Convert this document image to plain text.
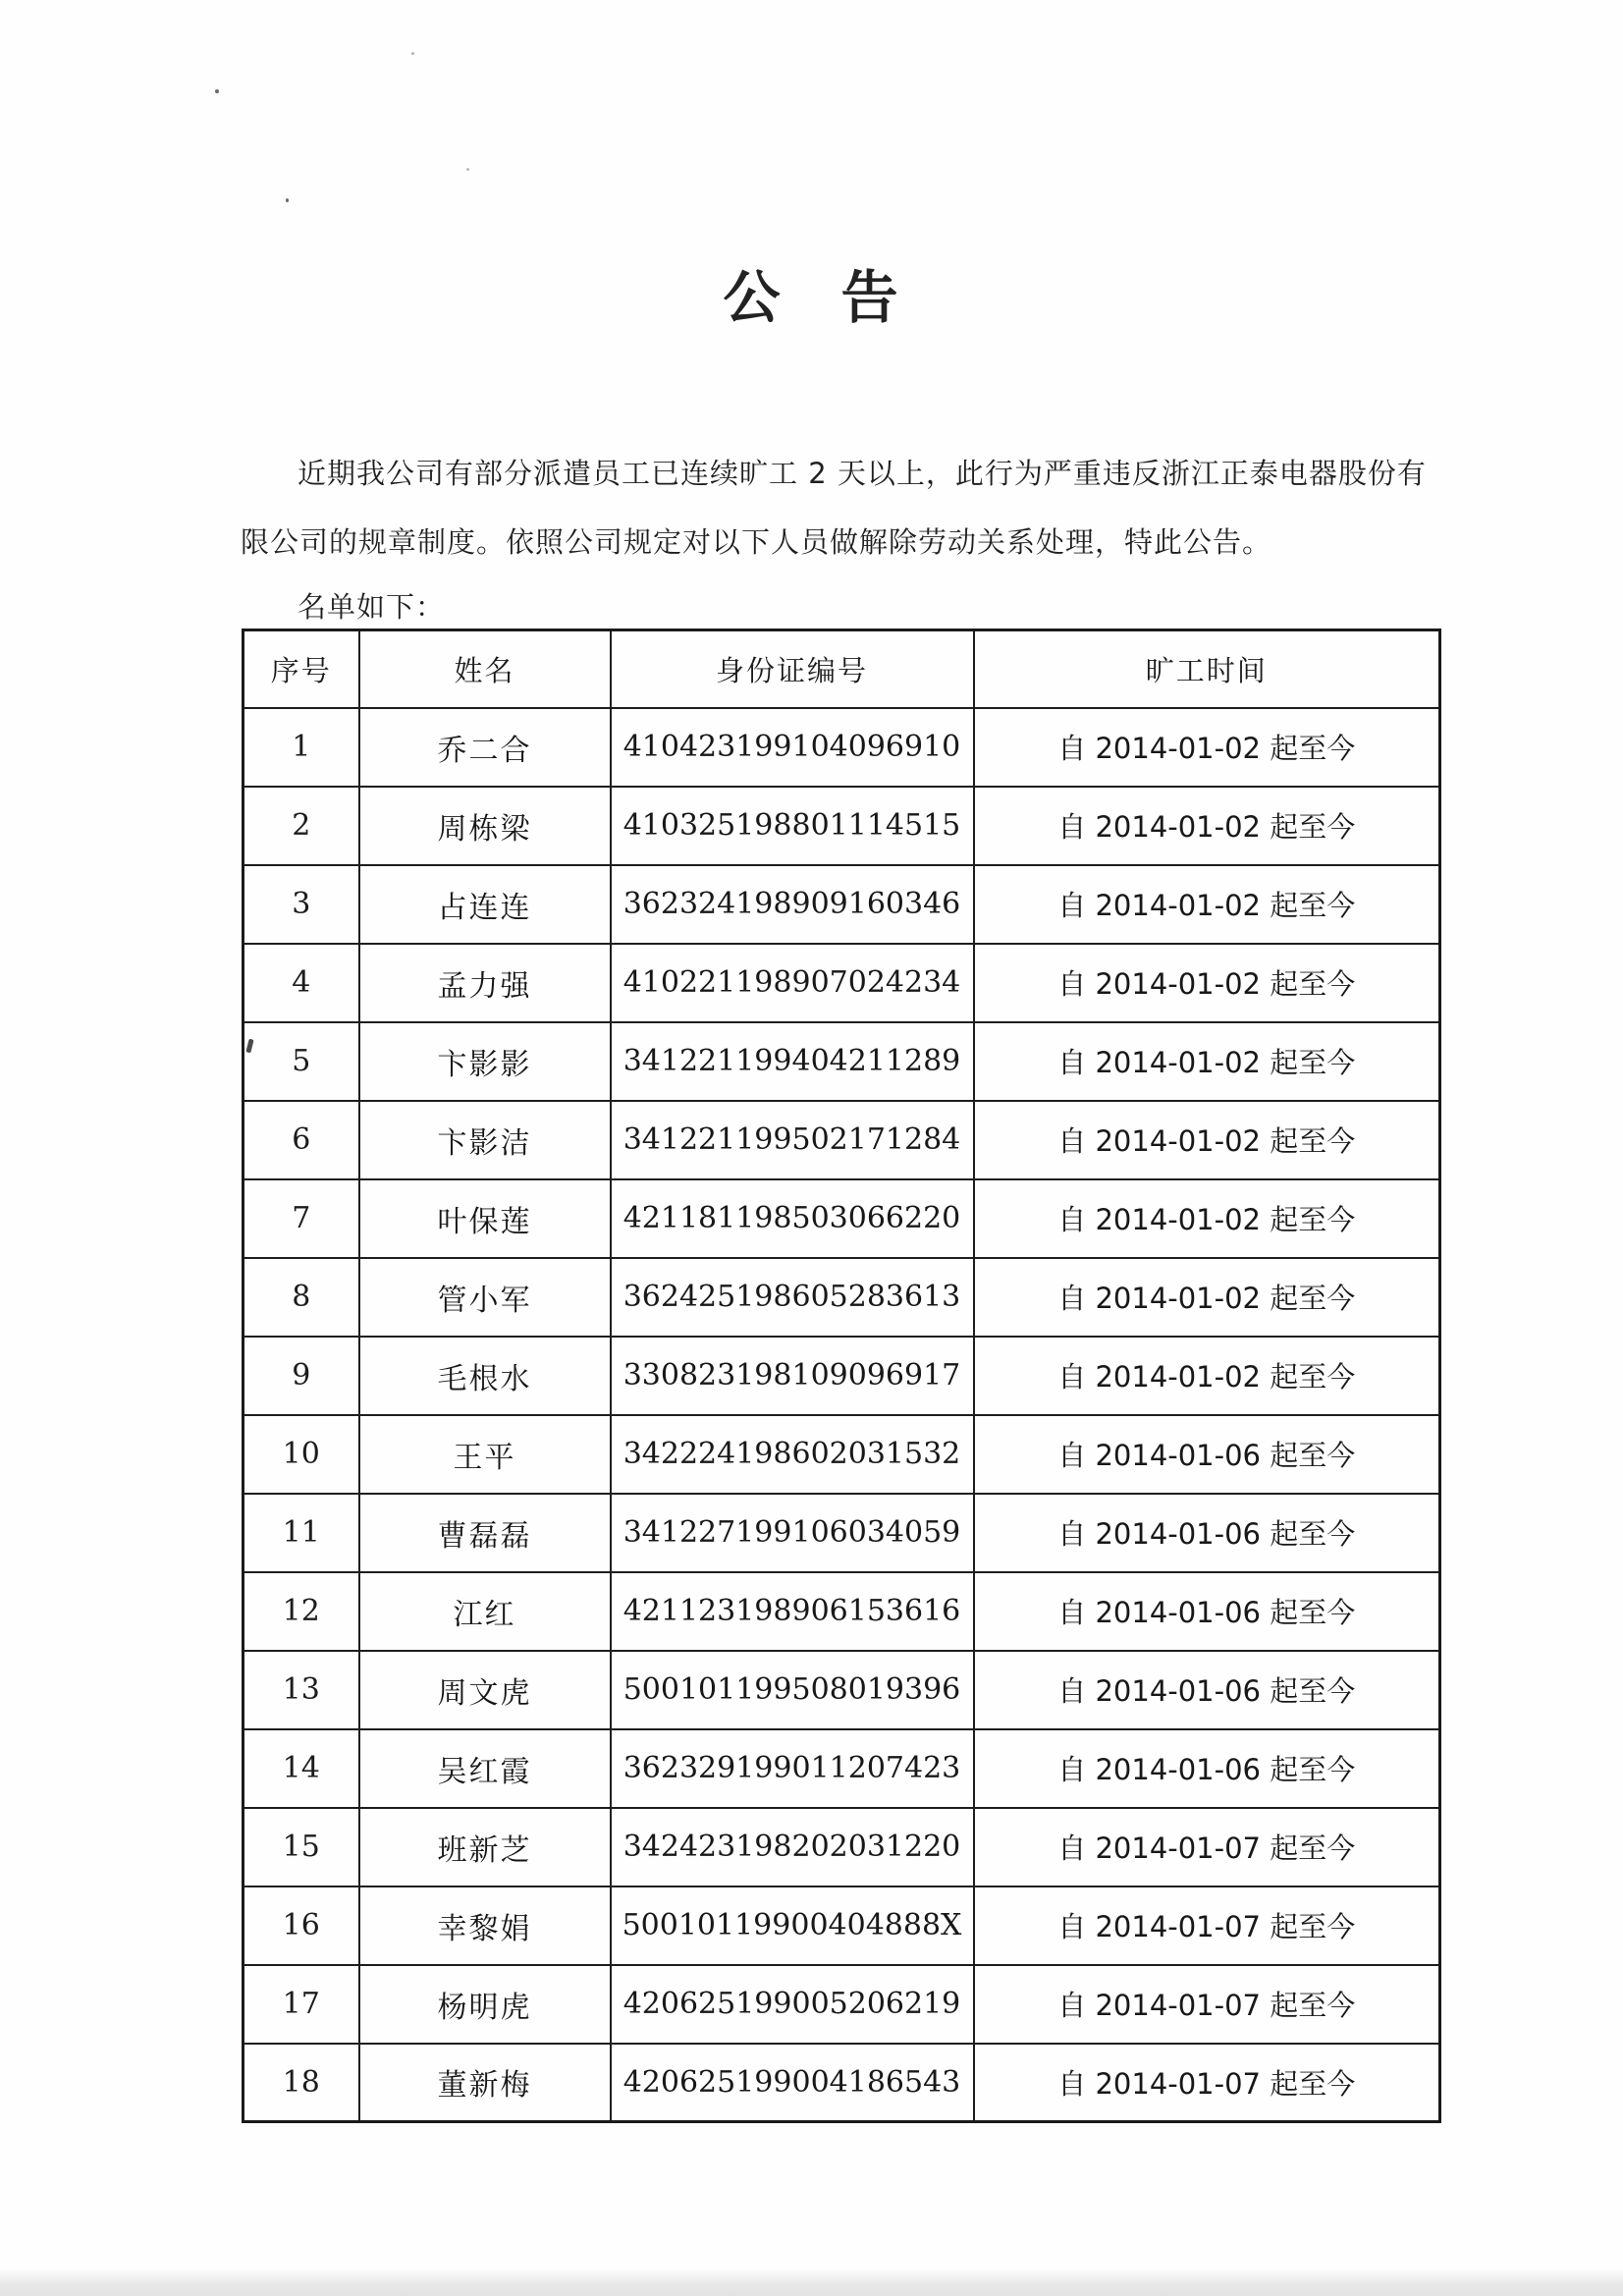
公　告

近期我公司有部分派遣员工已连续旷工 2 天以上，此行为严重违反浙江正泰电器股份有

限公司的规章制度。依照公司规定对以下人员做解除劳动关系处理，特此公告。

名单如下：

序号	姓名	身份证编号	旷工时间
1	乔二合	410423199104096910	自 2014-01-02 起至今
2	周栋梁	410325198801114515	自 2014-01-02 起至今
3	占连连	362324198909160346	自 2014-01-02 起至今
4	孟力强	410221198907024234	自 2014-01-02 起至今
5	卞影影	341221199404211289	自 2014-01-02 起至今
6	卞影洁	341221199502171284	自 2014-01-02 起至今
7	叶保莲	421181198503066220	自 2014-01-02 起至今
8	管小军	362425198605283613	自 2014-01-02 起至今
9	毛根水	330823198109096917	自 2014-01-02 起至今
10	王平	342224198602031532	自 2014-01-06 起至今
11	曹磊磊	341227199106034059	自 2014-01-06 起至今
12	江红	421123198906153616	自 2014-01-06 起至今
13	周文虎	500101199508019396	自 2014-01-06 起至今
14	吴红霞	362329199011207423	自 2014-01-06 起至今
15	班新芝	342423198202031220	自 2014-01-07 起至今
16	幸黎娟	50010119900404888X	自 2014-01-07 起至今
17	杨明虎	420625199005206219	自 2014-01-07 起至今
18	董新梅	420625199004186543	自 2014-01-07 起至今
